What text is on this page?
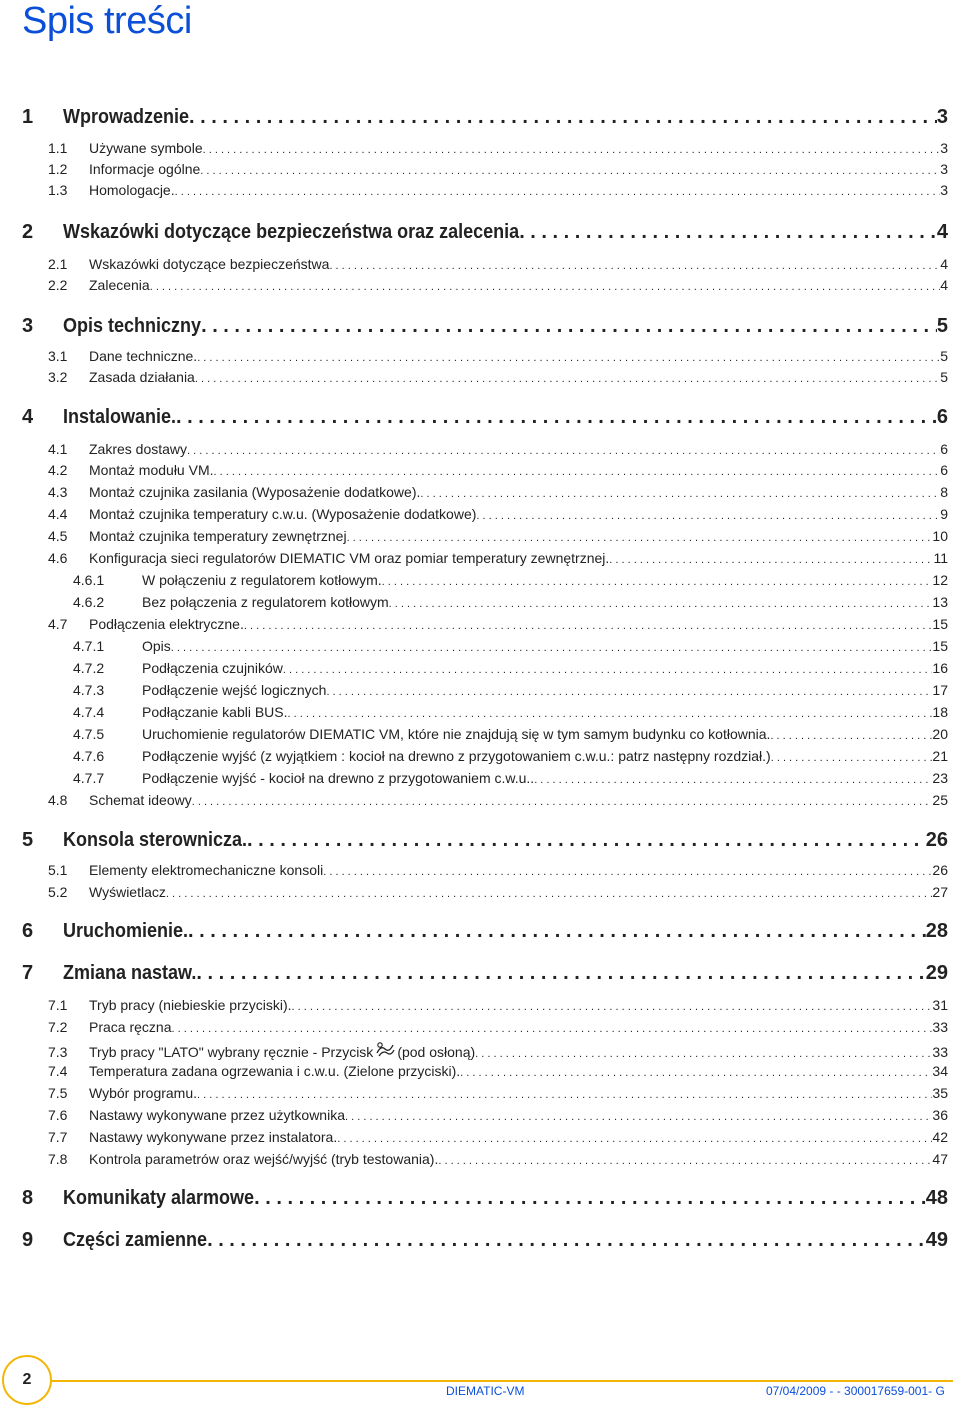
Spis treści
1	Wprowadzenie . . .	3
1.1	Używane symbole . . .	3
1.2	Informacje ogólne . . .	3
1.3	Homologacje. . . .	3
2	Wskazówki dotyczące bezpieczeństwa oraz zalecenia . . .	4
2.1	Wskazówki dotyczące bezpieczeństwa . . .	4
2.2	Zalecenia . . .	4
3	Opis techniczny . . .	5
3.1	Dane techniczne. . . .	5
3.2	Zasada działania . . .	5
4	Instalowanie. . . .	6
4.1	Zakres dostawy . . .	6
4.2	Montaż modułu VM. . . .	6
4.3	Montaż czujnika zasilania (Wyposażenie dodatkowe). . . .	8
4.4	Montaż czujnika temperatury c.w.u. (Wyposażenie dodatkowe) . . .	9
4.5	Montaż czujnika temperatury zewnętrznej . . .	10
4.6	Konfiguracja sieci regulatorów DIEMATIC VM oraz pomiar temperatury zewnętrznej. . . .	11
4.6.1	W połączeniu z regulatorem kotłowym. . . .	12
4.6.2	Bez połączenia z regulatorem kotłowym . . .	13
4.7	Podłączenia elektryczne. . . .	15
4.7.1	Opis . . .	15
4.7.2	Podłączenia czujników . . .	16
4.7.3	Podłączenie wejść logicznych . . .	17
4.7.4	Podłączanie kabli BUS. . . .	18
4.7.5	Uruchomienie regulatorów DIEMATIC VM, które nie znajdują się w tym samym budynku co kotłownia. . . .	20
4.7.6	Podłączenie wyjść (z wyjątkiem : kocioł na drewno z przygotowaniem c.w.u.: patrz następny rozdział.) . . .	21
4.7.7	Podłączenie wyjść - kocioł na drewno z przygotowaniem c.w.u.. . . .	23
4.8	Schemat ideowy . . .	25
5	Konsola sterownicza. . . .	26
5.1	Elementy elektromechaniczne konsoli . . .	26
5.2	Wyświetlacz . . .	27
6	Uruchomienie. . . .	28
7	Zmiana nastaw. . . .	29
7.1	Tryb pracy (niebieskie przyciski). . . .	31
7.2	Praca ręczna . . .	33
7.3	Tryb pracy "LATO" wybrany ręcznie - Przycisk (pod osłoną) . . .	33
7.4	Temperatura zadana ogrzewania i c.w.u. (Zielone przyciski). . . .	34
7.5	Wybór programu. . . .	35
7.6	Nastawy wykonywane przez użytkownika . . .	36
7.7	Nastawy wykonywane przez instalatora. . . .	42
7.8	Kontrola parametrów oraz wejść/wyjść (tryb testowania). . . .	47
8	Komunikaty alarmowe . . .	48
9	Części zamienne . . .	49
2
DIEMATIC-VM	07/04/2009 - - 300017659-001- G
